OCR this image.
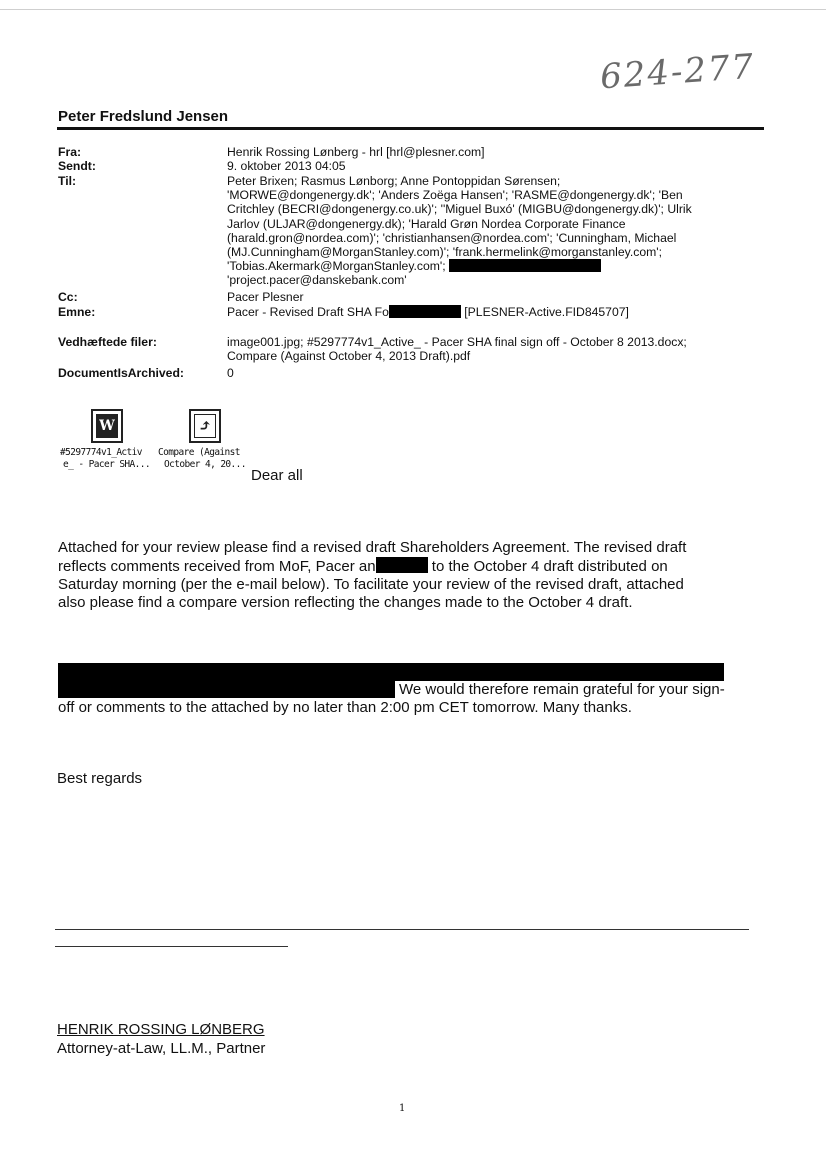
624-277
Peter Fredslund Jensen
Fra:	Henrik Rossing Lønberg - hrl [hrl@plesner.com]
Sendt:	9. oktober 2013 04:05
Til:	Peter Brixen; Rasmus Lønborg; Anne Pontoppidan Sørensen;
'MORWE@dongenergy.dk'; 'Anders Zoëga Hansen'; 'RASME@dongenergy.dk'; 'Ben
Critchley (BECRI@dongenergy.co.uk)'; ''Miguel Buxó' (MIGBU@dongenergy.dk)'; Ulrik
Jarlov (ULJAR@dongenergy.dk); 'Harald Grøn Nordea Corporate Finance
(harald.gron@nordea.com)'; 'christianhansen@nordea.com'; 'Cunningham, Michael
(MJ.Cunningham@MorganStanley.com)'; 'frank.hermelink@morganstanley.com';
'Tobias.Akermark@MorganStanley.com';
'project.pacer@danskebank.com'
Cc:	Pacer Plesner
Emne:	Pacer - Revised Draft SHA Fo	[PLESNER-Active.FID845707]
Vedhæftede filer:	image001.jpg; #5297774v1_Active_ - Pacer SHA final sign off - October 8 2013.docx;
Compare (Against October 4, 2013 Draft).pdf
DocumentIsArchived:	0
W
#5297774v1_Activ
e_ - Pacer SHA...
⤴
Compare (Against
October 4, 20...
Dear all
Attached for your review please find a revised draft Shareholders Agreement. The revised draft
reflects comments received from MoF, Pacer an	to the October 4 draft distributed on
Saturday morning (per the e-mail below). To facilitate your review of the revised draft, attached
also please find a compare version reflecting the changes made to the October 4 draft.
We would therefore remain grateful for your sign-
off or comments to the attached by no later than 2:00 pm CET tomorrow. Many thanks.
Best regards
HENRIK ROSSING LØNBERG
Attorney-at-Law, LL.M., Partner
1
